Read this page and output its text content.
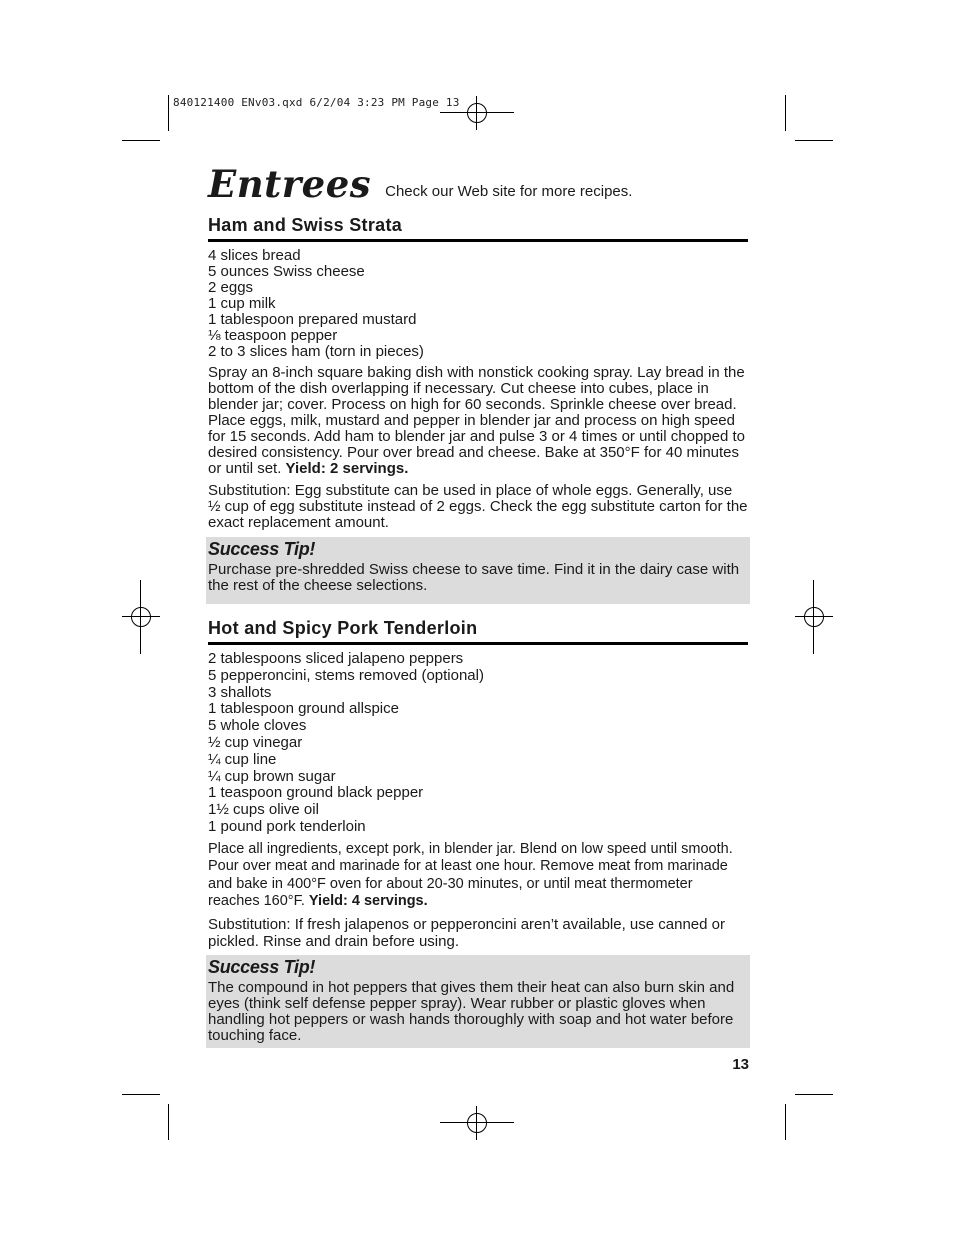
840121400 ENv03.qxd 6/2/04 3:23 PM Page 13
Entrees Check our Web site for more recipes.
Ham and Swiss Strata
4 slices bread
5 ounces Swiss cheese
2 eggs
1 cup milk
1 tablespoon prepared mustard
⅛ teaspoon pepper
2 to 3 slices ham (torn in pieces)

Spray an 8-inch square baking dish with nonstick cooking spray. Lay bread in the bottom of the dish overlapping if necessary. Cut cheese into cubes, place in blender jar; cover. Process on high for 60 seconds. Sprinkle cheese over bread. Place eggs, milk, mustard and pepper in blender jar and process on high speed for 15 seconds. Add ham to blender jar and pulse 3 or 4 times or until chopped to desired consistency. Pour over bread and cheese. Bake at 350°F for 40 minutes or until set. Yield: 2 servings.

Substitution: Egg substitute can be used in place of whole eggs. Generally, use ½ cup of egg substitute instead of 2 eggs. Check the egg substitute carton for the exact replacement amount.

Success Tip!

Purchase pre-shredded Swiss cheese to save time. Find it in the dairy case with the rest of the cheese selections.

Hot and Spicy Pork Tenderloin
2 tablespoons sliced jalapeno peppers
5 pepperoncini, stems removed (optional)
3 shallots
1 tablespoon ground allspice
5 whole cloves
½ cup vinegar
¼ cup line
¼ cup brown sugar
1 teaspoon ground black pepper
1½ cups olive oil
1 pound pork tenderloin

Place all ingredients, except pork, in blender jar. Blend on low speed until smooth. Pour over meat and marinade for at least one hour. Remove meat from marinade and bake in 400°F oven for about 20-30 minutes, or until meat thermometer reaches 160°F. Yield: 4 servings.

Substitution: If fresh jalapenos or pepperoncini aren’t available, use canned or pickled. Rinse and drain before using.

Success Tip!

The compound in hot peppers that gives them their heat can also burn skin and eyes (think self defense pepper spray). Wear rubber or plastic gloves when handling hot peppers or wash hands thoroughly with soap and hot water before touching face.

13
